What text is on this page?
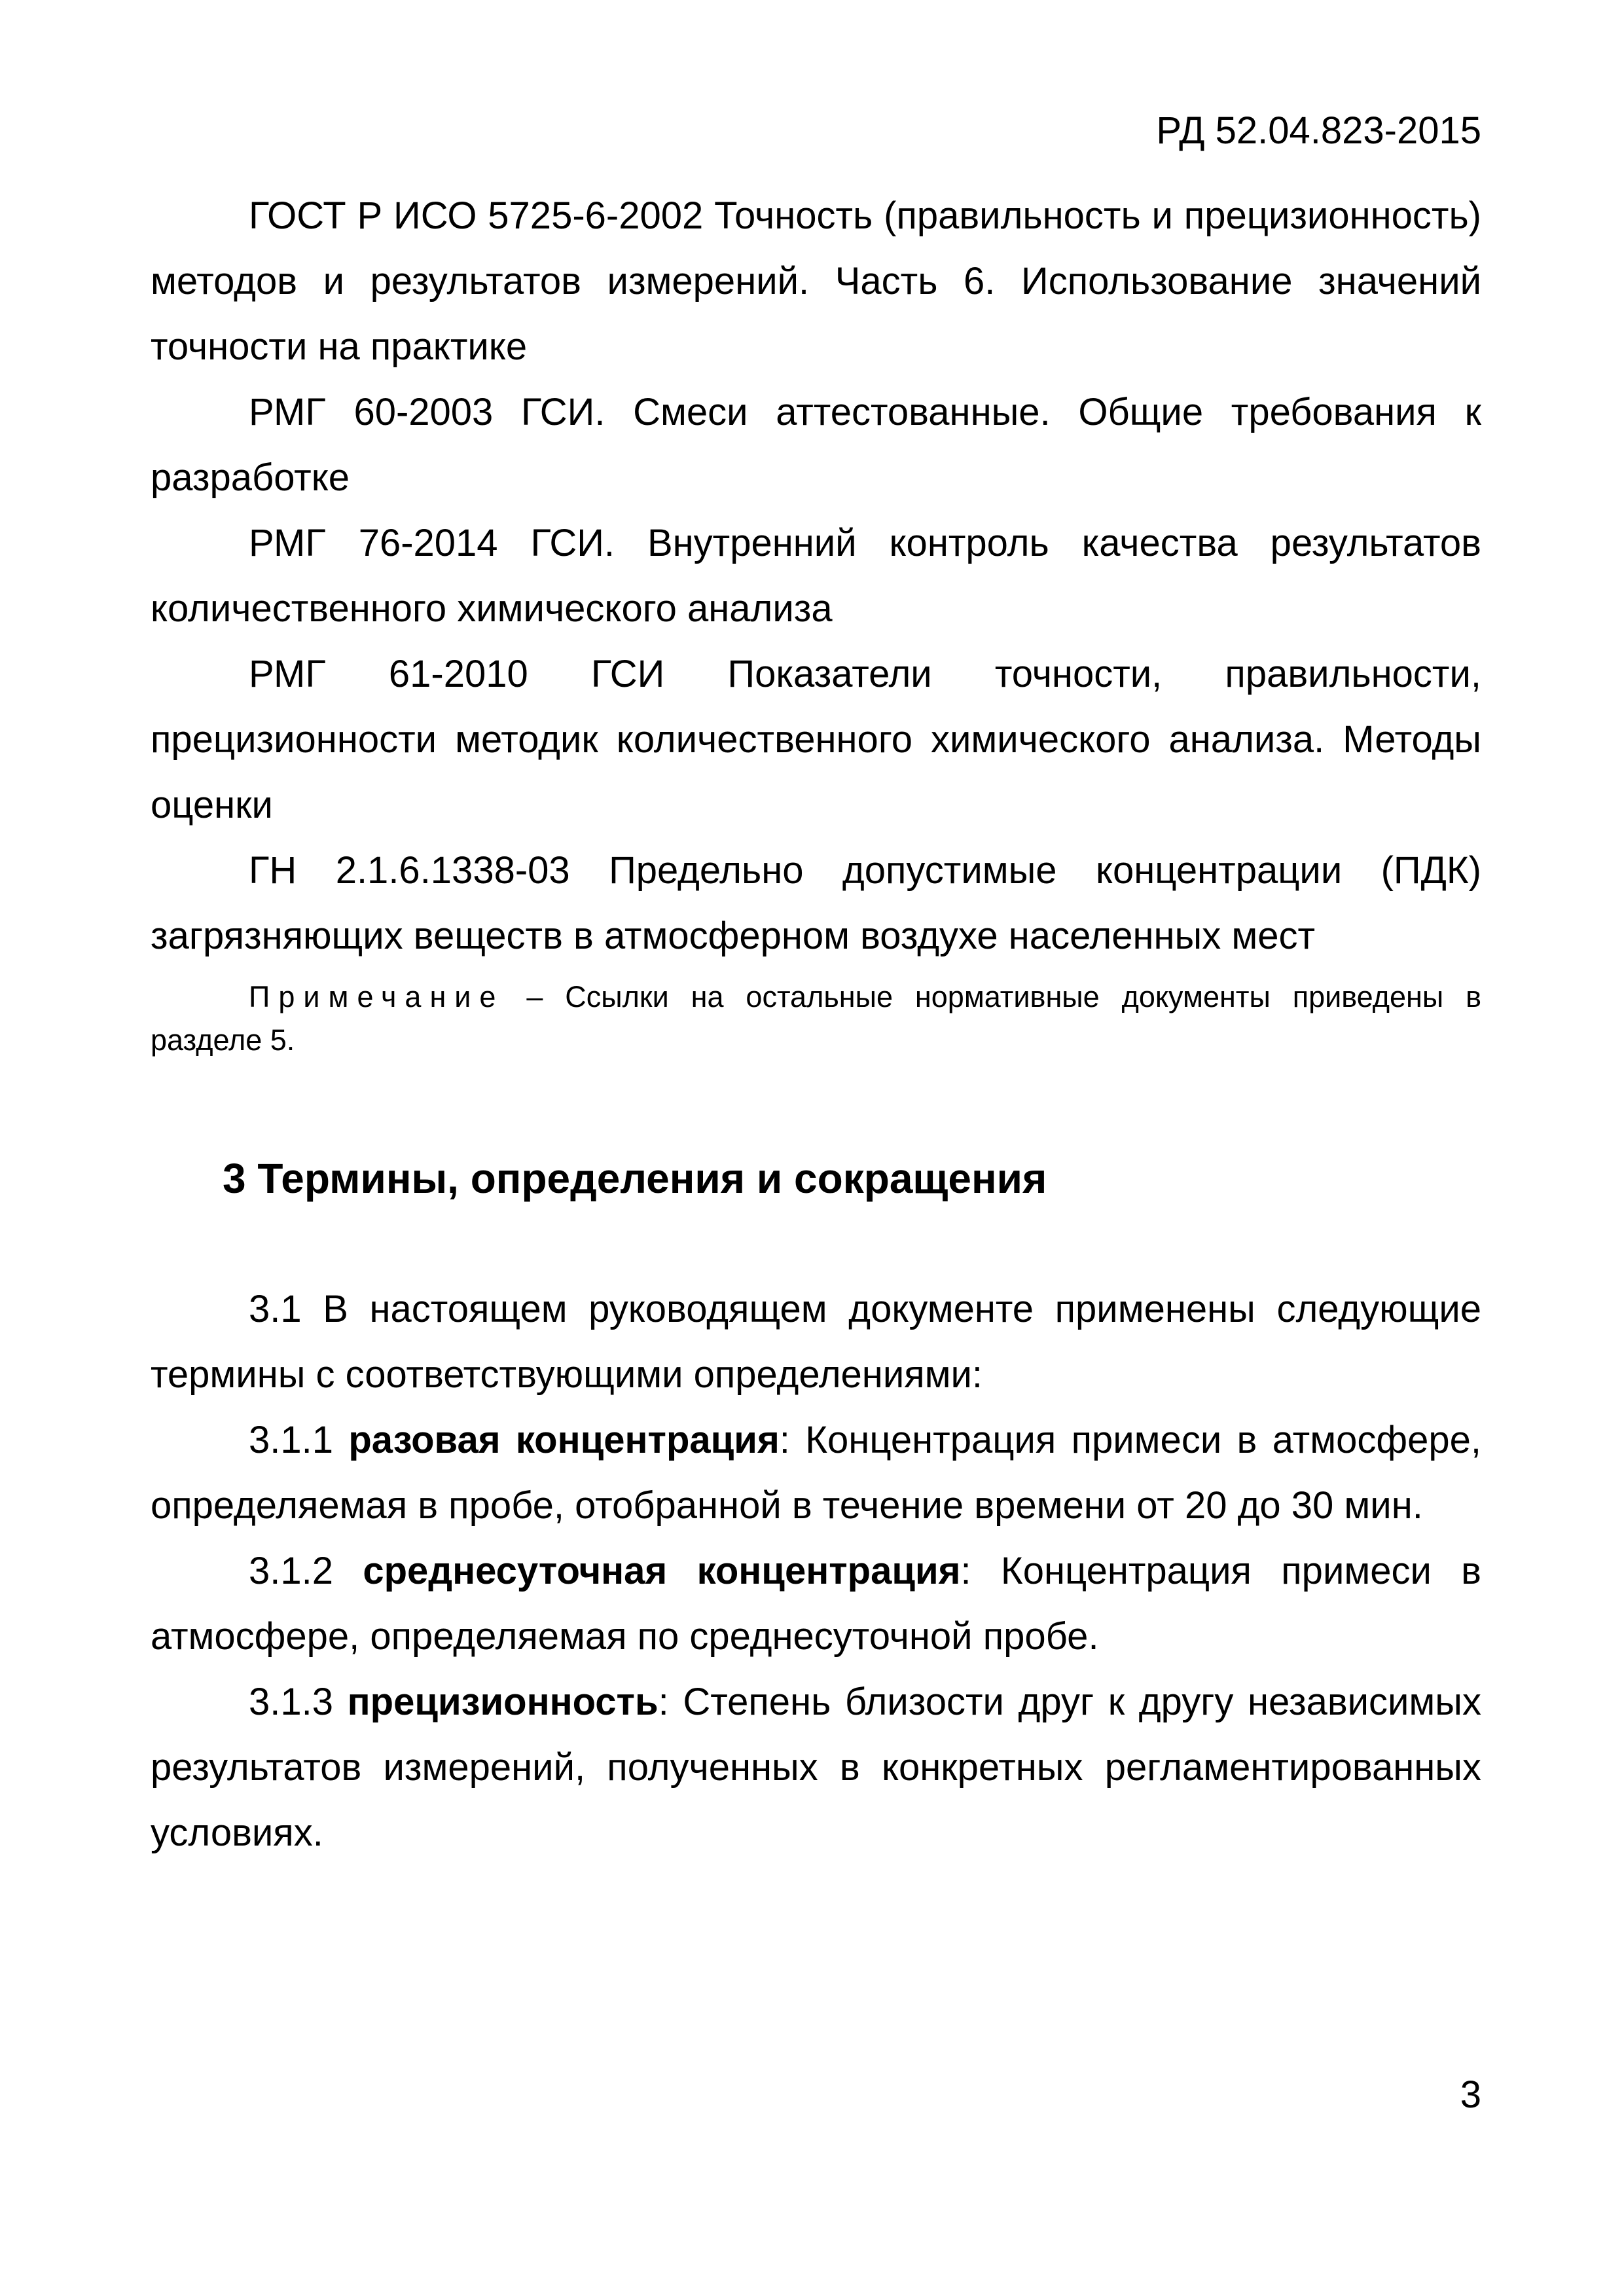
РД 52.04.823-2015

ГОСТ Р ИСО 5725-6-2002 Точность (правильность и прецизионность) методов и результатов измерений. Часть 6. Использование значений точности на практике

РМГ 60-2003 ГСИ. Смеси аттестованные. Общие требования к разработке

РМГ 76-2014 ГСИ. Внутренний контроль качества результатов количественного химического анализа

РМГ 61-2010 ГСИ Показатели точности, правильности, прецизионности методик количественного химического анализа. Методы оценки

ГН 2.1.6.1338-03 Предельно допустимые концентрации (ПДК) загрязняющих веществ в атмосферном воздухе населенных мест

Примечание – Ссылки на остальные нормативные документы приведены в разделе 5.

3 Термины, определения и сокращения

3.1 В настоящем руководящем документе применены следующие термины с соответствующими определениями:

3.1.1 разовая концентрация: Концентрация примеси в атмосфере, определяемая в пробе, отобранной в течение времени от 20 до 30 мин.

3.1.2 среднесуточная концентрация: Концентрация примеси в атмосфере, определяемая по среднесуточной пробе.

3.1.3 прецизионность: Степень близости друг к другу независимых результатов измерений, полученных в конкретных регламентированных условиях.

3
